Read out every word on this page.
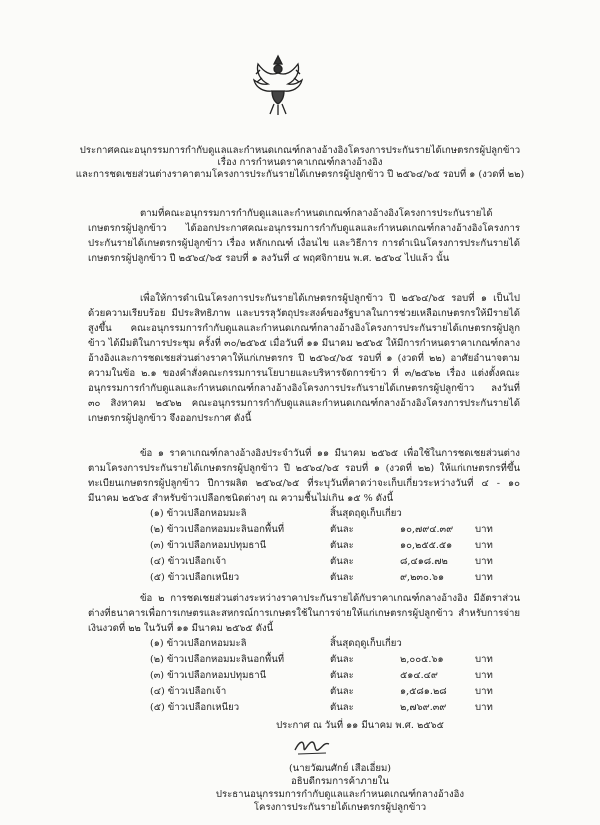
ประกาศคณะอนุกรรมการกำกับดูแลและกำหนดเกณฑ์กลางอ้างอิงโครงการประกันรายได้เกษตรกรผู้ปลูกข้าว
เรื่อง การกำหนดราคาเกณฑ์กลางอ้างอิง
และการชดเชยส่วนต่างราคาตามโครงการประกันรายได้เกษตรกรผู้ปลูกข้าว ปี ๒๕๖๔/๖๕ รอบที่ ๑ (งวดที่ ๒๒)
ตามที่คณะอนุกรรมการกำกับดูแลและกำหนดเกณฑ์กลางอ้างอิงโครงการประกันรายได้เกษตรกรผู้ปลูกข้าว ได้ออกประกาศคณะอนุกรรมการกำกับดูแลและกำหนดเกณฑ์กลางอ้างอิงโครงการประกันรายได้เกษตรกรผู้ปลูกข้าว เรื่อง หลักเกณฑ์ เงื่อนไข และวิธีการ การดำเนินโครงการประกันรายได้เกษตรกรผู้ปลูกข้าว ปี ๒๕๖๔/๖๕ รอบที่ ๑ ลงวันที่ ๔ พฤศจิกายน พ.ศ. ๒๕๖๔ ไปแล้ว นั้น
เพื่อให้การดำเนินโครงการประกันรายได้เกษตรกรผู้ปลูกข้าว ปี ๒๕๖๔/๖๕ รอบที่ ๑ เป็นไปด้วยความเรียบร้อย มีประสิทธิภาพ และบรรลุวัตถุประสงค์ของรัฐบาลในการช่วยเหลือเกษตรกรให้มีรายได้สูงขึ้น คณะอนุกรรมการกำกับดูแลและกำหนดเกณฑ์กลางอ้างอิงโครงการประกันรายได้เกษตรกรผู้ปลูกข้าว ได้มีมติในการประชุม ครั้งที่ ๓๐/๒๕๖๕ เมื่อวันที่ ๑๑ มีนาคม ๒๕๖๕ ให้มีการกำหนดราคาเกณฑ์กลางอ้างอิงและการชดเชยส่วนต่างราคาให้แก่เกษตรกร ปี ๒๕๖๔/๖๕ รอบที่ ๑ (งวดที่ ๒๒) อาศัยอำนาจตามความในข้อ ๒.๑ ของคำสั่งคณะกรรมการนโยบายและบริหารจัดการข้าว ที่ ๓/๒๕๖๒ เรื่อง แต่งตั้งคณะอนุกรรมการกำกับดูแลและกำหนดเกณฑ์กลางอ้างอิงโครงการประกันรายได้เกษตรกรผู้ปลูกข้าว ลงวันที่ ๓๐ สิงหาคม ๒๕๖๒ คณะอนุกรรมการกำกับดูแลและกำหนดเกณฑ์กลางอ้างอิงโครงการประกันรายได้เกษตรกรผู้ปลูกข้าว จึงออกประกาศ ดังนี้
ข้อ ๑ ราคาเกณฑ์กลางอ้างอิงประจำวันที่ ๑๑ มีนาคม ๒๕๖๕ เพื่อใช้ในการชดเชยส่วนต่างตามโครงการประกันรายได้เกษตรกรผู้ปลูกข้าว ปี ๒๕๖๔/๖๕ รอบที่ ๑ (งวดที่ ๒๒) ให้แก่เกษตรกรที่ขึ้นทะเบียนเกษตรกรผู้ปลูกข้าว ปีการผลิต ๒๕๖๔/๖๕ ที่ระบุวันที่คาดว่าจะเก็บเกี่ยวระหว่างวันที่ ๔ - ๑๐ มีนาคม ๒๕๖๕ สำหรับข้าวเปลือกชนิดต่างๆ ณ ความชื้นไม่เกิน ๑๕ % ดังนี้
(๑) ข้าวเปลือกหอมมะลิ	สิ้นสุดฤดูเก็บเกี่ยว
(๒) ข้าวเปลือกหอมมะลินอกพื้นที่	ตันละ	๑๐,๗๙๔.๓๙ บาท
(๓) ข้าวเปลือกหอมปทุมธานี	ตันละ	๑๐,๒๕๕.๕๑ บาท
(๔) ข้าวเปลือกเจ้า	ตันละ	๘,๔๑๘.๗๒	บาท
(๕) ข้าวเปลือกเหนียว	ตันละ	๙,๒๓๐.๖๑	บาท
ข้อ ๒ การชดเชยส่วนต่างระหว่างราคาประกันรายได้กับราคาเกณฑ์กลางอ้างอิง มีอัตราส่วนต่างที่ธนาคารเพื่อการเกษตรและสหกรณ์การเกษตรใช้ในการจ่ายให้แก่เกษตรกรผู้ปลูกข้าว สำหรับการจ่ายเงินงวดที่ ๒๒ ในวันที่ ๑๑ มีนาคม ๒๕๖๕ ดังนี้
(๑) ข้าวเปลือกหอมมะลิ	สิ้นสุดฤดูเก็บเกี่ยว
(๒) ข้าวเปลือกหอมมะลินอกพื้นที่	ตันละ	๒,๐๐๕.๖๑	บาท
(๓) ข้าวเปลือกหอมปทุมธานี	ตันละ	๕๑๔.๔๙	บาท
(๔) ข้าวเปลือกเจ้า	ตันละ	๑,๕๘๑.๒๘	บาท
(๕) ข้าวเปลือกเหนียว	ตันละ	๒,๗๖๙.๓๙	บาท
ประกาศ ณ วันที่ ๑๑ มีนาคม พ.ศ. ๒๕๖๕
(นายวัฒนศักย์ เสือเอี่ยม)
อธิบดีกรมการค้าภายใน
ประธานอนุกรรมการกำกับดูแลและกำหนดเกณฑ์กลางอ้างอิง
โครงการประกันรายได้เกษตรกรผู้ปลูกข้าว
